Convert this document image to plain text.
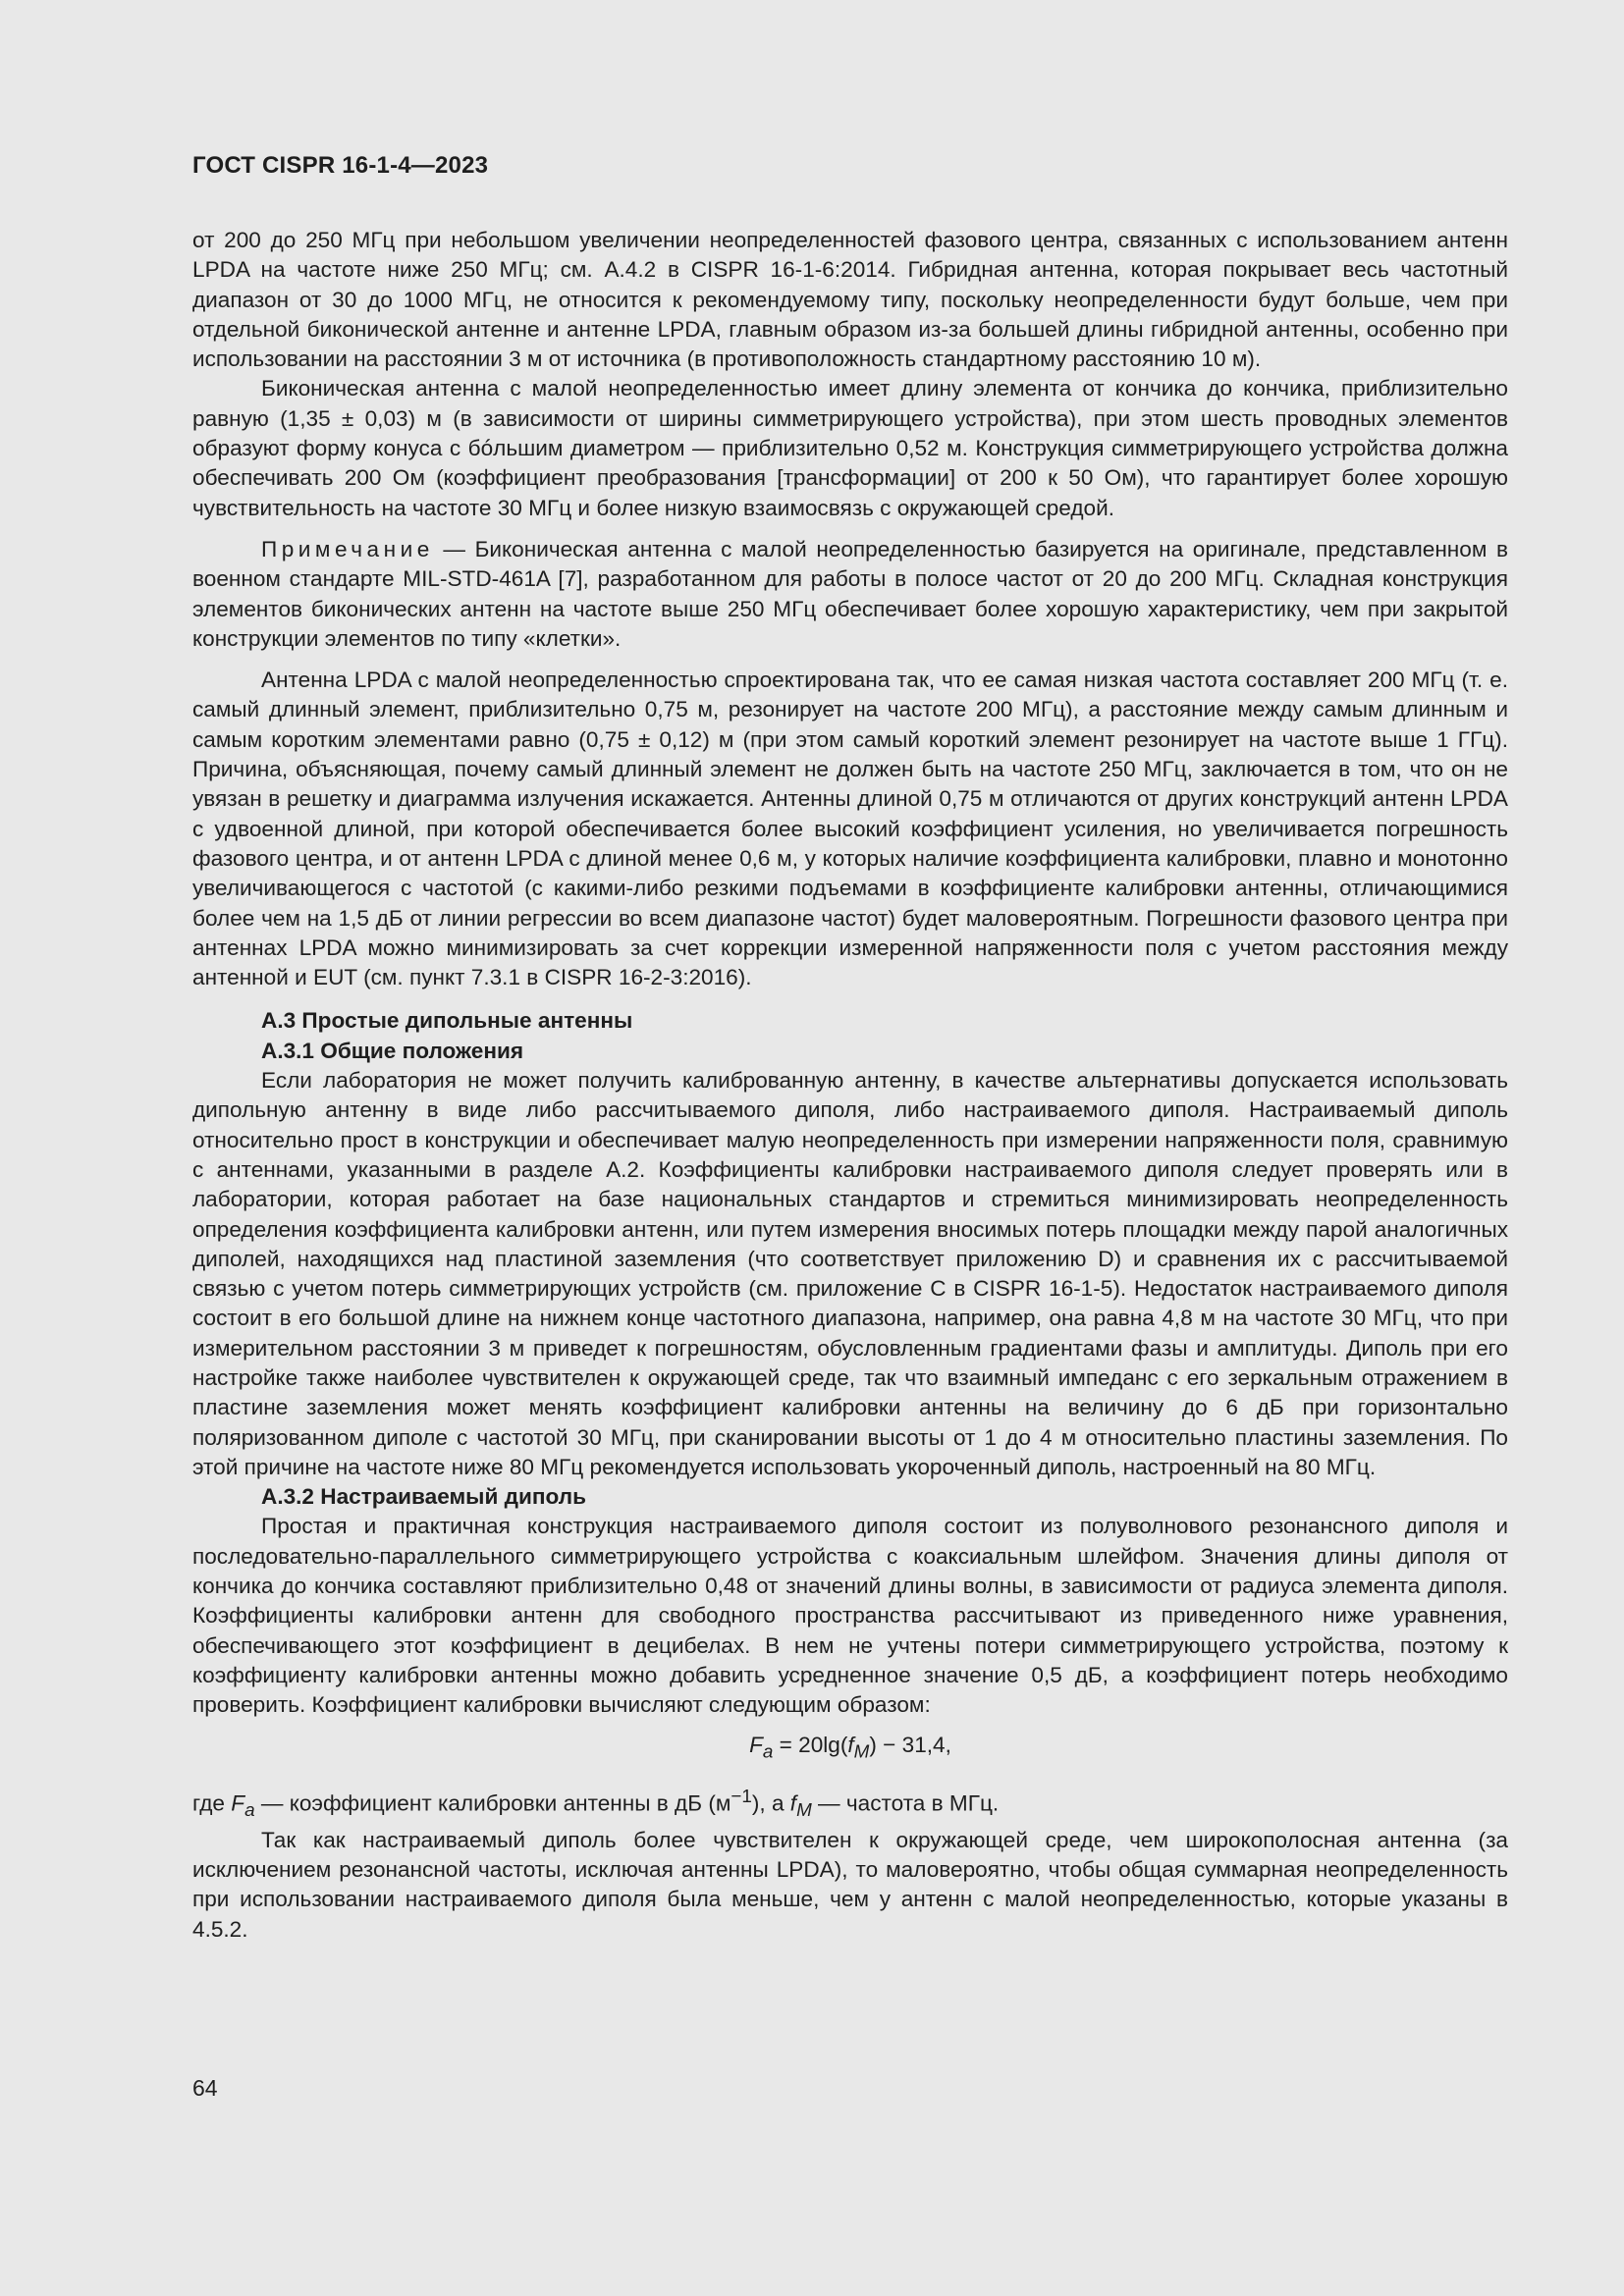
ГОСТ CISPR 16-1-4—2023

от 200 до 250 МГц при небольшом увеличении неопределенностей фазового центра, связанных с использованием антенн LPDA на частоте ниже 250 МГц; см. А.4.2 в CISPR 16-1-6:2014. Гибридная антенна, которая покрывает весь частотный диапазон от 30 до 1000 МГц, не относится к рекомендуемому типу, поскольку неопределенности будут больше, чем при отдельной биконической антенне и антенне LPDA, главным образом из-за большей длины гибридной антенны, особенно при использовании на расстоянии 3 м от источника (в противоположность стандартному расстоянию 10 м).

Биконическая антенна с малой неопределенностью имеет длину элемента от кончика до кончика, приблизительно равную (1,35 ± 0,03) м (в зависимости от ширины симметрирующего устройства), при этом шесть проводных элементов образуют форму конуса с бóльшим диаметром — приблизительно 0,52 м. Конструкция симметрирующего устройства должна обеспечивать 200 Ом (коэффициент преобразования [трансформации] от 200 к 50 Ом), что гарантирует более хорошую чувствительность на частоте 30 МГц и более низкую взаимосвязь с окружающей средой.

Примечание — Биконическая антенна с малой неопределенностью базируется на оригинале, представленном в военном стандарте MIL-STD-461A [7], разработанном для работы в полосе частот от 20 до 200 МГц. Складная конструкция элементов биконических антенн на частоте выше 250 МГц обеспечивает более хорошую характеристику, чем при закрытой конструкции элементов по типу «клетки».

Антенна LPDA с малой неопределенностью спроектирована так, что ее самая низкая частота составляет 200 МГц (т. е. самый длинный элемент, приблизительно 0,75 м, резонирует на частоте 200 МГц), а расстояние между самым длинным и самым коротким элементами равно (0,75 ± 0,12) м (при этом самый короткий элемент резонирует на частоте выше 1 ГГц). Причина, объясняющая, почему самый длинный элемент не должен быть на частоте 250 МГц, заключается в том, что он не увязан в решетку и диаграмма излучения искажается. Антенны длиной 0,75 м отличаются от других конструкций антенн LPDA с удвоенной длиной, при которой обеспечивается более высокий коэффициент усиления, но увеличивается погрешность фазового центра, и от антенн LPDA с длиной менее 0,6 м, у которых наличие коэффициента калибровки, плавно и монотонно увеличивающегося с частотой (с какими-либо резкими подъемами в коэффициенте калибровки антенны, отличающимися более чем на 1,5 дБ от линии регрессии во всем диапазоне частот) будет маловероятным. Погрешности фазового центра при антеннах LPDA можно минимизировать за счет коррекции измеренной напряженности поля с учетом расстояния между антенной и EUT (см. пункт 7.3.1 в CISPR 16-2-3:2016).

А.3 Простые дипольные антенны

А.3.1 Общие положения

Если лаборатория не может получить калиброванную антенну, в качестве альтернативы допускается использовать дипольную антенну в виде либо рассчитываемого диполя, либо настраиваемого диполя. Настраиваемый диполь относительно прост в конструкции и обеспечивает малую неопределенность при измерении напряженности поля, сравнимую с антеннами, указанными в разделе А.2. Коэффициенты калибровки настраиваемого диполя следует проверять или в лаборатории, которая работает на базе национальных стандартов и стремиться минимизировать неопределенность определения коэффициента калибровки антенн, или путем измерения вносимых потерь площадки между парой аналогичных диполей, находящихся над пластиной заземления (что соответствует приложению D) и сравнения их с рассчитываемой связью с учетом потерь симметрирующих устройств (см. приложение С в CISPR 16-1-5). Недостаток настраиваемого диполя состоит в его большой длине на нижнем конце частотного диапазона, например, она равна 4,8 м на частоте 30 МГц, что при измерительном расстоянии 3 м приведет к погрешностям, обусловленным градиентами фазы и амплитуды. Диполь при его настройке также наиболее чувствителен к окружающей среде, так что взаимный импеданс с его зеркальным отражением в пластине заземления может менять коэффициент калибровки антенны на величину до 6 дБ при горизонтально поляризованном диполе с частотой 30 МГц, при сканировании высоты от 1 до 4 м относительно пластины заземления. По этой причине на частоте ниже 80 МГц рекомендуется использовать укороченный диполь, настроенный на 80 МГц.

А.3.2 Настраиваемый диполь

Простая и практичная конструкция настраиваемого диполя состоит из полуволнового резонансного диполя и последовательно-параллельного симметрирующего устройства с коаксиальным шлейфом. Значения длины диполя от кончика до кончика составляют приблизительно 0,48 от значений длины волны, в зависимости от радиуса элемента диполя. Коэффициенты калибровки антенн для свободного пространства рассчитывают из приведенного ниже уравнения, обеспечивающего этот коэффициент в децибелах. В нем не учтены потери симметрирующего устройства, поэтому к коэффициенту калибровки антенны можно добавить усредненное значение 0,5 дБ, а коэффициент потерь необходимо проверить. Коэффициент калибровки вычисляют следующим образом:

$F_a = 20\lg(f_M) - 31,4$,

где $F_a$ — коэффициент калибровки антенны в дБ $(м^{-1})$, а $f_M$ — частота в МГц.

Так как настраиваемый диполь более чувствителен к окружающей среде, чем широкополосная антенна (за исключением резонансной частоты, исключая антенны LPDA), то маловероятно, чтобы общая суммарная неопределенность при использовании настраиваемого диполя была меньше, чем у антенн с малой неопределенностью, которые указаны в 4.5.2.

64
